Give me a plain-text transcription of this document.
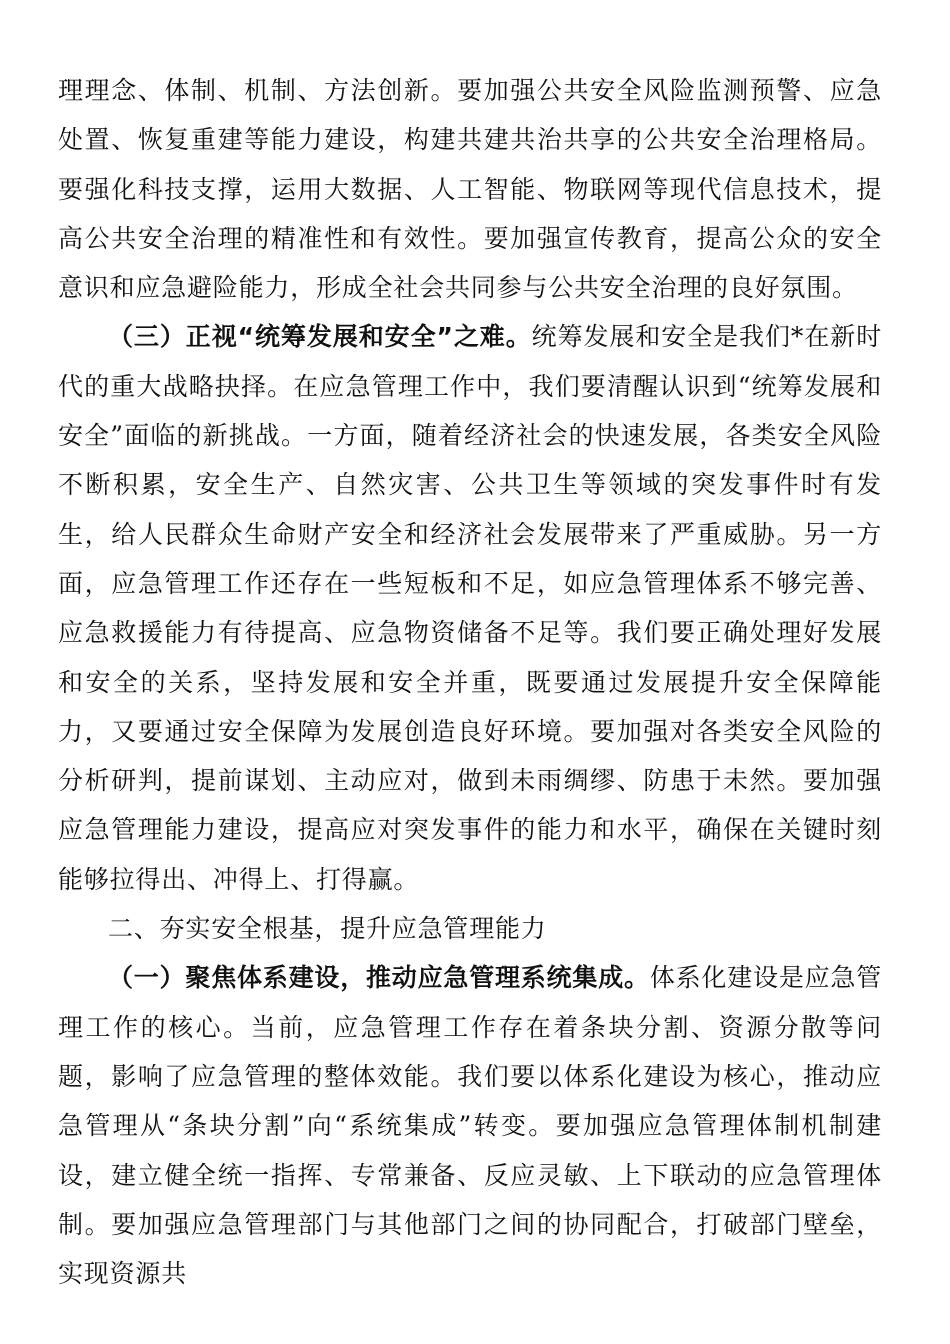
理理念、体制、机制、方法创新。要加强公共安全风险监测预警、应急处置、恢复重建等能力建设，构建共建共治共享的公共安全治理格局。要强化科技支撑，运用大数据、人工智能、物联网等现代信息技术，提高公共安全治理的精准性和有效性。要加强宣传教育，提高公众的安全意识和应急避险能力，形成全社会共同参与公共安全治理的良好氛围。

（三）正视“统筹发展和安全”之难。统筹发展和安全是我们*在新时代的重大战略抉择。在应急管理工作中，我们要清醒认识到“统筹发展和安全”面临的新挑战。一方面，随着经济社会的快速发展，各类安全风险不断积累，安全生产、自然灾害、公共卫生等领域的突发事件时有发生，给人民群众生命财产安全和经济社会发展带来了严重威胁。另一方面，应急管理工作还存在一些短板和不足，如应急管理体系不够完善、应急救援能力有待提高、应急物资储备不足等。我们要正确处理好发展和安全的关系，坚持发展和安全并重，既要通过发展提升安全保障能力，又要通过安全保障为发展创造良好环境。要加强对各类安全风险的分析研判，提前谋划、主动应对，做到未雨绸缪、防患于未然。要加强应急管理能力建设，提高应对突发事件的能力和水平，确保在关键时刻能够拉得出、冲得上、打得赢。

二、夯实安全根基，提升应急管理能力

（一）聚焦体系建设，推动应急管理系统集成。体系化建设是应急管理工作的核心。当前，应急管理工作存在着条块分割、资源分散等问题，影响了应急管理的整体效能。我们要以体系化建设为核心，推动应急管理从“条块分割”向“系统集成”转变。要加强应急管理体制机制建设，建立健全统一指挥、专常兼备、反应灵敏、上下联动的应急管理体制。要加强应急管理部门与其他部门之间的协同配合，打破部门壁垒，实现资源共
